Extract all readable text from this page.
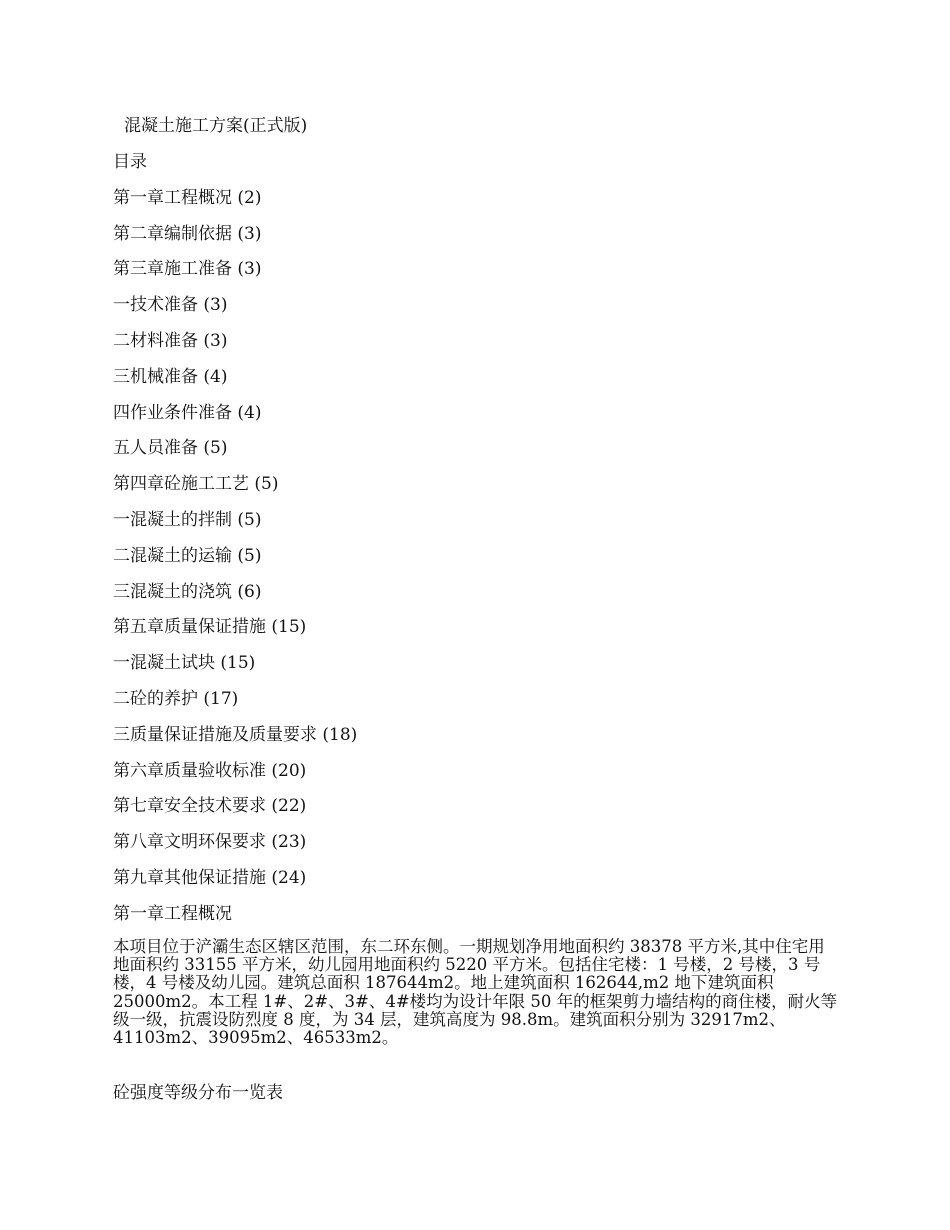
混凝土施工方案(正式版)
目录
第一章工程概况 (2)
第二章编制依据 (3)
第三章施工准备 (3)
一技术准备 (3)
二材料准备 (3)
三机械准备 (4)
四作业条件准备 (4)
五人员准备 (5)
第四章砼施工工艺 (5)
一混凝土的拌制 (5)
二混凝土的运输 (5)
三混凝土的浇筑 (6)
第五章质量保证措施 (15)
一混凝土试块 (15)
二砼的养护 (17)
三质量保证措施及质量要求 (18)
第六章质量验收标准 (20)
第七章安全技术要求 (22)
第八章文明环保要求 (23)
第九章其他保证措施 (24)
第一章工程概况

本项目位于浐灞生态区辖区范围，东二环东侧。一期规划净用地面积约 38378 平方米,其中住宅用地面积约 33155 平方米，幼儿园用地面积约 5220 平方米。包括住宅楼：1 号楼，2 号楼，3 号楼，4 号楼及幼儿园。建筑总面积 187644m2。地上建筑面积 162644,m2 地下建筑面积 25000m2。本工程 1#、2#、3#、4#楼均为设计年限 50 年的框架剪力墙结构的商住楼，耐火等级一级，抗震设防烈度 8 度，为 34 层，建筑高度为 98.8m。建筑面积分别为 32917m2、41103m2、39095m2、46533m2。

砼强度等级分布一览表
